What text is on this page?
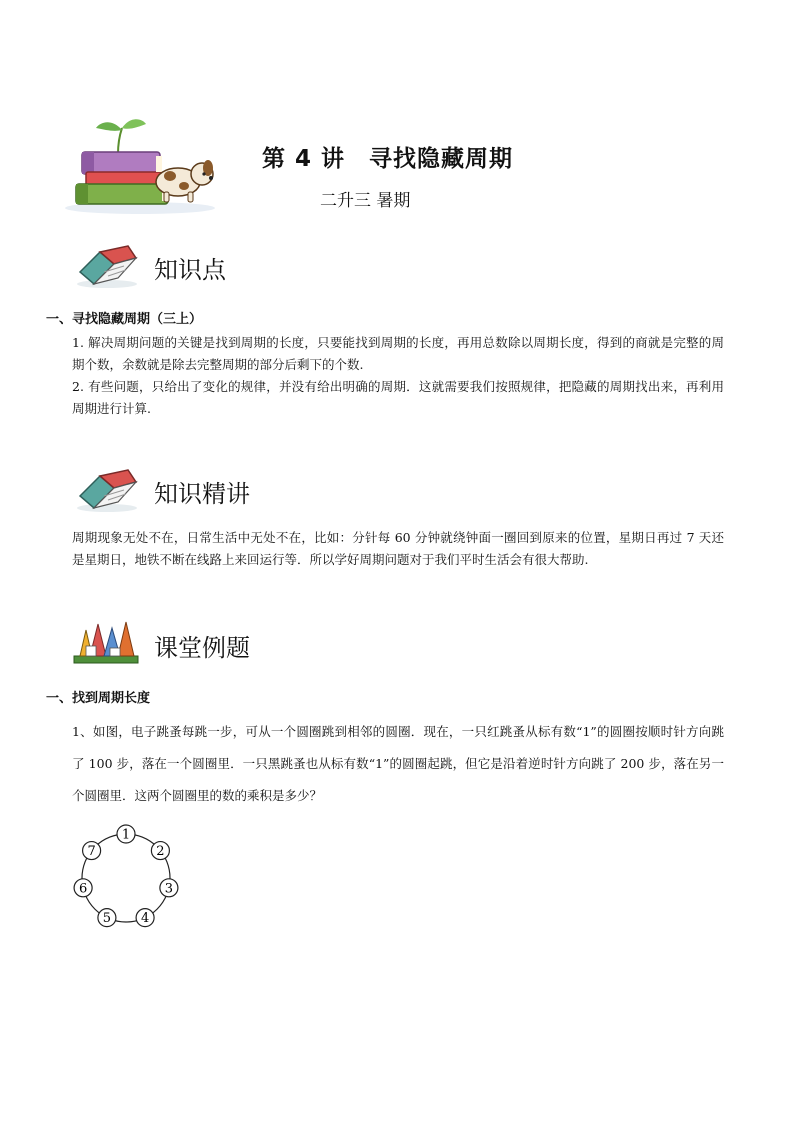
第 4 讲　寻找隐藏周期
二升三 暑期
知识点
一、寻找隐藏周期（三上）
1. 解决周期问题的关键是找到周期的长度，只要能找到周期的长度，再用总数除以周期长度，得到的商就是完整的周期个数，余数就是除去完整周期的部分后剩下的个数.
2. 有些问题，只给出了变化的规律，并没有给出明确的周期．这就需要我们按照规律，把隐藏的周期找出来，再利用周期进行计算.
知识精讲
周期现象无处不在，日常生活中无处不在，比如：分针每 60 分钟就绕钟面一圈回到原来的位置，星期日再过 7 天还是星期日，地铁不断在线路上来回运行等．所以学好周期问题对于我们平时生活会有很大帮助.
课堂例题
一、找到周期长度
1、如图，电子跳蚤每跳一步，可从一个圆圈跳到相邻的圆圈．现在，一只红跳蚤从标有数“1”的圆圈按顺时针方向跳了 100 步，落在一个圆圈里．一只黑跳蚤也从标有数“1”的圆圈起跳，但它是沿着逆时针方向跳了 200 步，落在另一个圆圈里．这两个圆圈里的数的乘积是多少？
1
2
3
4
5
6
7
